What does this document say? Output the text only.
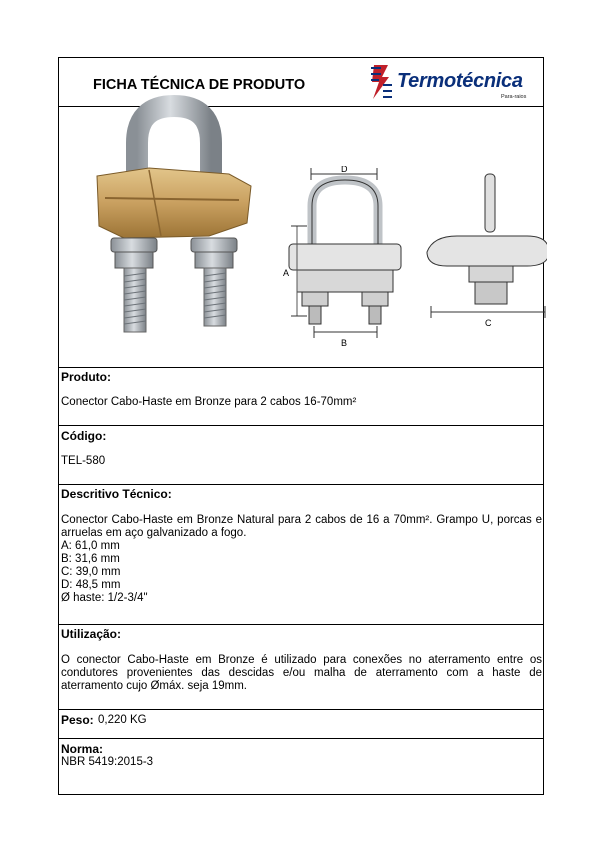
FICHA TÉCNICA DE PRODUTO	Termotécnica
Para-raios
A
D
B
C
Produto:
Conector Cabo-Haste em Bronze para 2 cabos 16-70mm²
Código:
TEL-580
Descritivo Técnico:
Conector Cabo-Haste em Bronze Natural para 2 cabos de 16 a 70mm². Grampo U, porcas e arruelas em aço galvanizado a fogo.
A: 61,0 mm
B: 31,6 mm
C: 39,0 mm
D: 48,5 mm
Ø haste: 1/2-3/4"
Utilização:
O conector Cabo-Haste em Bronze é utilizado para conexões no aterramento entre os condutores provenientes das descidas e/ou malha de aterramento com a haste de aterramento cujo Ømáx. seja 19mm.
Peso: 0,220 KG
Norma:
NBR 5419:2015-3
